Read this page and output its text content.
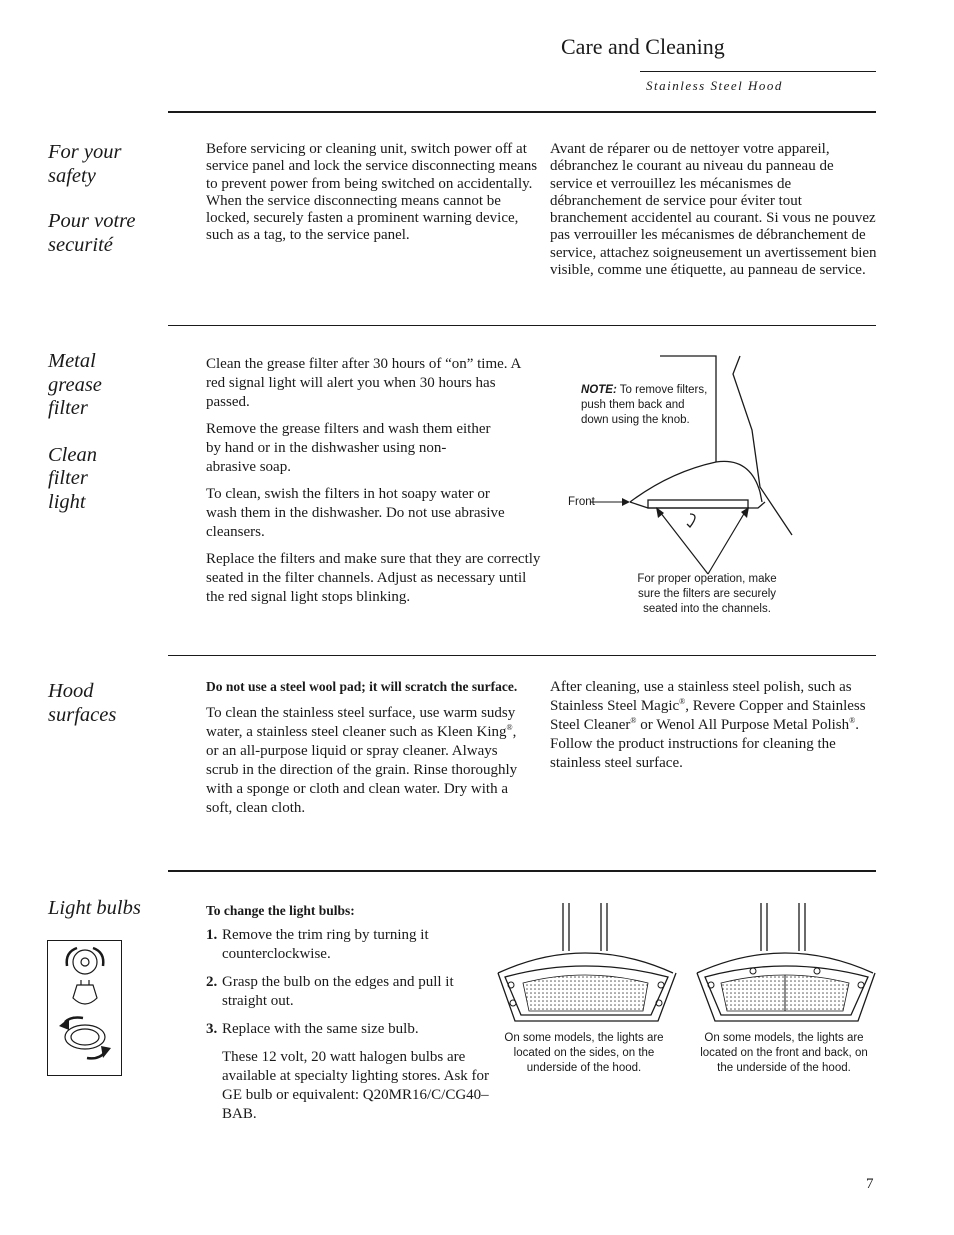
Care and Cleaning
Stainless Steel Hood
For your
safety
Pour votre
securité
Before servicing or cleaning unit, switch power off at service panel and lock the service disconnecting means to prevent power from being switched on accidentally. When the service disconnecting means cannot be locked, securely fasten a prominent warning device, such as a tag, to the service panel.
Avant de réparer ou de nettoyer votre appareil, débranchez le courant au niveau du panneau de service et verrouillez les mécanismes de débranchement de service pour éviter tout branchement accidentel au courant. Si vous ne pouvez pas verrouiller les mécanismes de débranchement de service, attachez soigneusement un avertissement bien visible, comme une étiquette, au panneau de service.
Metal
grease
filter
Clean
filter
light

Clean the grease filter after 30 hours of “on” time. A red signal light will alert you when 30 hours has passed.

Remove the grease filters and wash them either by hand or in the dishwasher using non-abrasive soap.

To clean, swish the filters in hot soapy water or wash them in the dishwasher. Do not use abrasive cleansers.

Replace the filters and make sure that they are correctly seated in the filter channels. Adjust as necessary until the red signal light stops blinking.

NOTE: To remove filters, push them back and down using the knob.
Front
For proper operation, make sure the filters are securely seated into the channels.
Hood
surfaces

Do not use a steel wool pad; it will scratch the surface.

To clean the stainless steel surface, use warm sudsy water, a stainless steel cleaner such as Kleen King®, or an all-purpose liquid or spray cleaner. Always scrub in the direction of the grain. Rinse thoroughly with a sponge or cloth and clean water. Dry with a soft, clean cloth.

After cleaning, use a stainless steel polish, such as Stainless Steel Magic®, Revere Copper and Stainless Steel Cleaner® or Wenol All Purpose Metal Polish®. Follow the product instructions for cleaning the stainless steel surface.
Light bulbs	To change the light bulbs:
1. Remove the trim ring by turning it counterclockwise.
2. Grasp the bulb on the edges and pull it straight out.
3. Replace with the same size bulb.
These 12 volt, 20 watt halogen bulbs are available at specialty lighting stores. Ask for GE bulb or equivalent: Q20MR16/C/CG40–BAB.
On some models, the lights are located on the sides, on the underside of the hood.
On some models, the lights are located on the front and back, on the underside of the hood.
7
